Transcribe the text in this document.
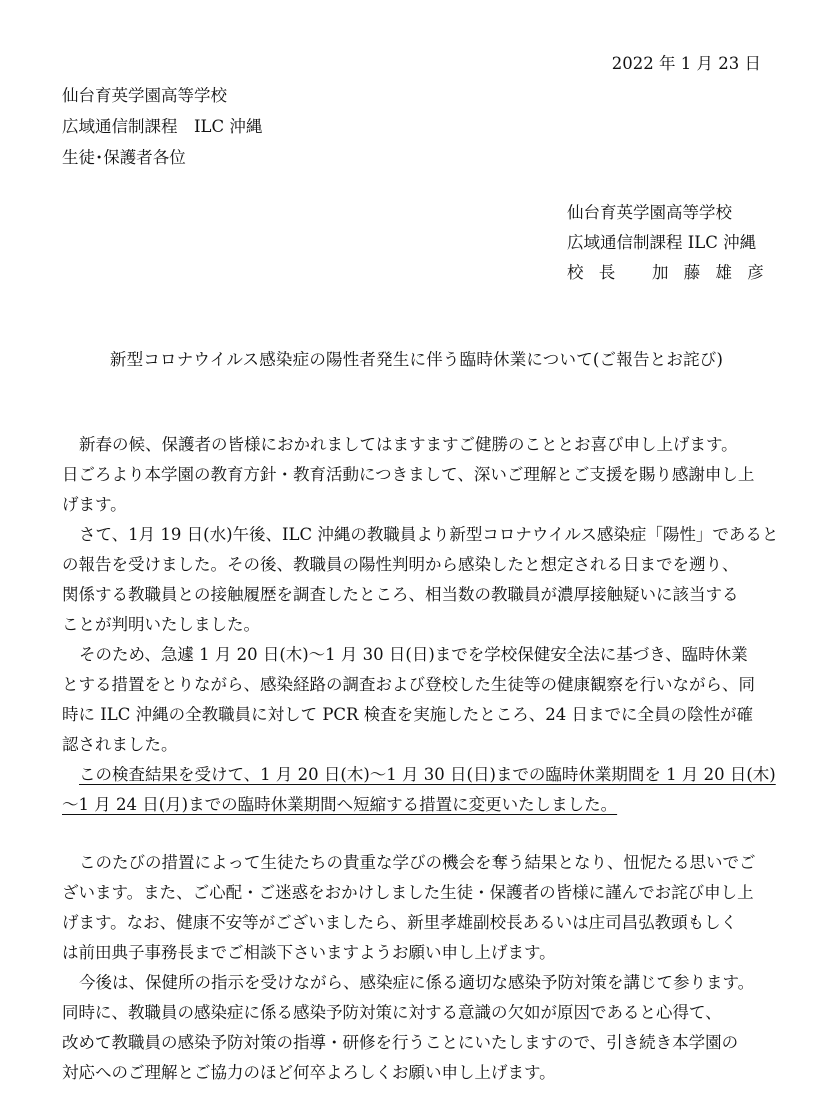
2022 年 1 月 23 日
仙台育英学園高等学校
広域通信制課程　ILC 沖縄
生徒･保護者各位
仙台育英学園高等学校
広域通信制課程 ILC 沖縄
校 長　 加 藤 雄 彦
新型コロナウイルス感染症の陽性者発生に伴う臨時休業について(ご報告とお詫び)
新春の候、保護者の皆様におかれましてはますますご健勝のこととお喜び申し上げます。
日ごろより本学園の教育方針・教育活動につきまして、深いご理解とご支援を賜り感謝申し上
げます。
さて、1月 19 日(水)午後、ILC 沖縄の教職員より新型コロナウイルス感染症「陽性」であると
の報告を受けました。その後、教職員の陽性判明から感染したと想定される日までを遡り、
関係する教職員との接触履歴を調査したところ、相当数の教職員が濃厚接触疑いに該当する
ことが判明いたしました。
そのため、急遽 1 月 20 日(木)～1 月 30 日(日)までを学校保健安全法に基づき、臨時休業
とする措置をとりながら、感染経路の調査および登校した生徒等の健康観察を行いながら、同
時に ILC 沖縄の全教職員に対して PCR 検査を実施したところ、24 日までに全員の陰性が確
認されました。
この検査結果を受けて、1 月 20 日(木)～1 月 30 日(日)までの臨時休業期間を 1 月 20 日(木)
～1 月 24 日(月)までの臨時休業期間へ短縮する措置に変更いたしました。
このたびの措置によって生徒たちの貴重な学びの機会を奪う結果となり、忸怩たる思いでご
ざいます。また、ご心配・ご迷惑をおかけしました生徒・保護者の皆様に謹んでお詫び申し上
げます。なお、健康不安等がございましたら、新里孝雄副校長あるいは庄司昌弘教頭もしく
は前田典子事務長までご相談下さいますようお願い申し上げます。
今後は、保健所の指示を受けながら、感染症に係る適切な感染予防対策を講じて参ります。
同時に、教職員の感染症に係る感染予防対策に対する意識の欠如が原因であると心得て、
改めて教職員の感染予防対策の指導・研修を行うことにいたしますので、引き続き本学園の
対応へのご理解とご協力のほど何卒よろしくお願い申し上げます。
